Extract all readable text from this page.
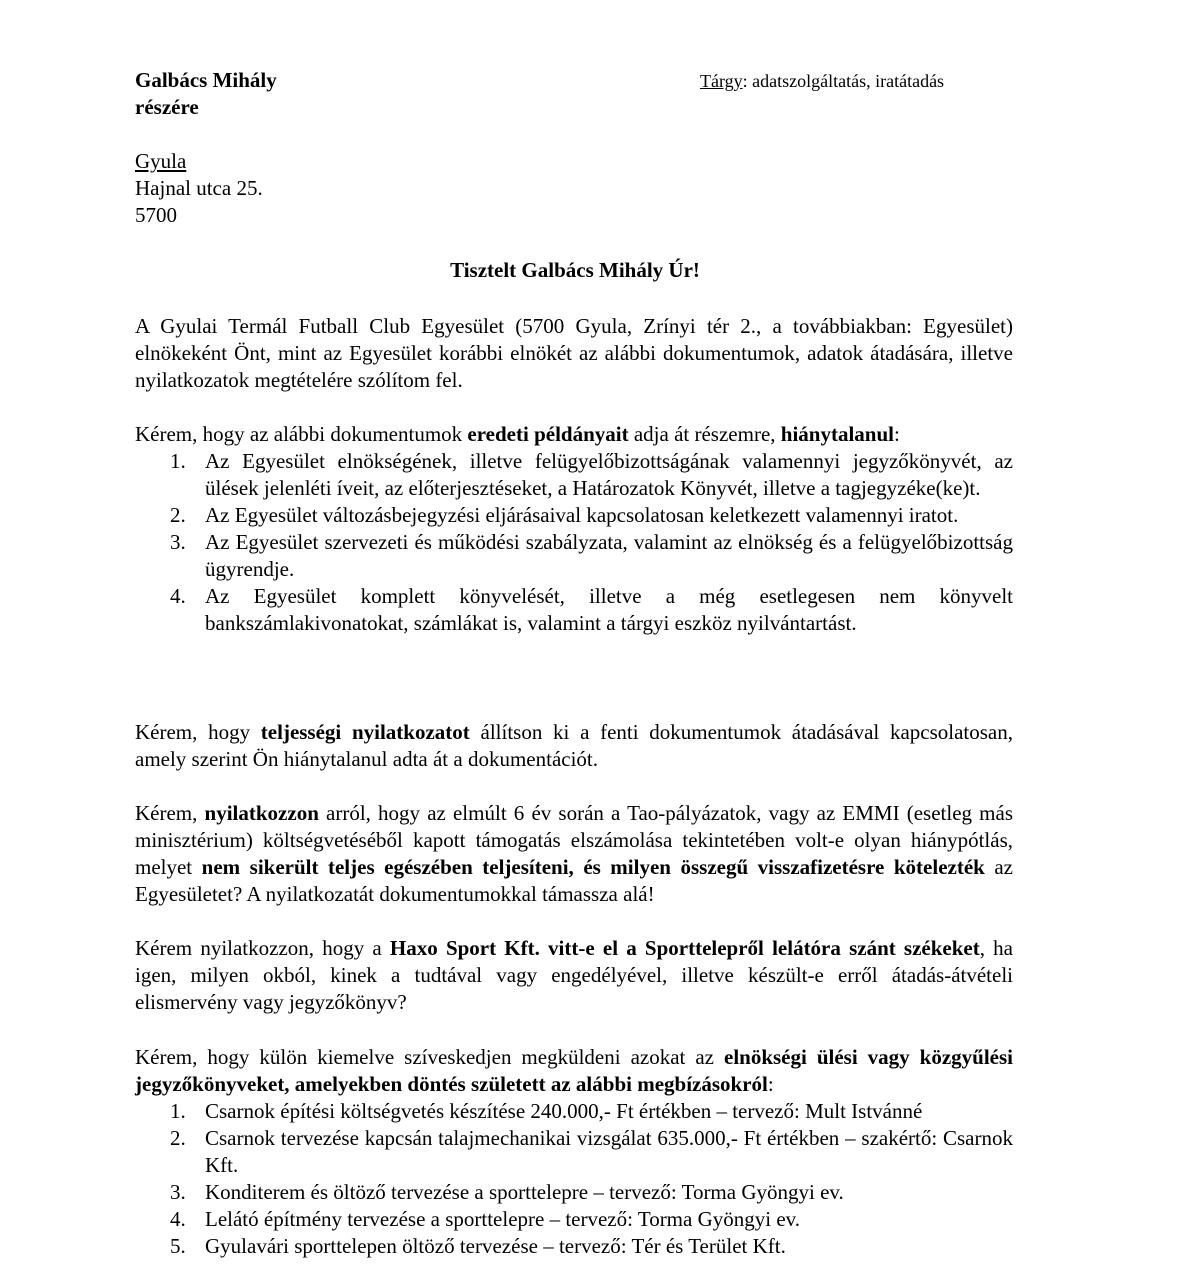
Galbács Mihály
részére
Tárgy: adatszolgáltatás, iratátadás
Gyula
Hajnal utca 25.
5700
Tisztelt Galbács Mihály Úr!

A Gyulai Termál Futball Club Egyesület (5700 Gyula, Zrínyi tér 2., a továbbiakban: Egyesület) elnökeként Önt, mint az Egyesület korábbi elnökét az alábbi dokumentumok, adatok átadására, illetve nyilatkozatok megtételére szólítom fel.

Kérem, hogy az alábbi dokumentumok eredeti példányait adja át részemre, hiánytalanul:

1. Az Egyesület elnökségének, illetve felügyelőbizottságának valamennyi jegyzőkönyvét, az ülések jelenléti íveit, az előterjesztéseket, a Határozatok Könyvét, illetve a tagjegyzéke(ke)t.
2. Az Egyesület változásbejegyzési eljárásaival kapcsolatosan keletkezett valamennyi iratot.
3. Az Egyesület szervezeti és működési szabályzata, valamint az elnökség és a felügyelőbizottság ügyrendje.
4. Az Egyesület komplett könyvelését, illetve a még esetlegesen nem könyvelt bankszámlakivonatokat, számlákat is, valamint a tárgyi eszköz nyilvántartást.

Kérem, hogy teljességi nyilatkozatot állítson ki a fenti dokumentumok átadásával kapcsolatosan, amely szerint Ön hiánytalanul adta át a dokumentációt.

Kérem, nyilatkozzon arról, hogy az elmúlt 6 év során a Tao-pályázatok, vagy az EMMI (esetleg más minisztérium) költségvetéséből kapott támogatás elszámolása tekintetében volt-e olyan hiánypótlás, melyet nem sikerült teljes egészében teljesíteni, és milyen összegű visszafizetésre kötelezték az Egyesületet? A nyilatkozatát dokumentumokkal támassza alá!

Kérem nyilatkozzon, hogy a Haxo Sport Kft. vitt-e el a Sporttelepről lelátóra szánt székeket, ha igen, milyen okból, kinek a tudtával vagy engedélyével, illetve készült-e erről átadás-átvételi elismervény vagy jegyzőkönyv?

Kérem, hogy külön kiemelve szíveskedjen megküldeni azokat az elnökségi ülési vagy közgyűlési jegyzőkönyveket, amelyekben döntés született az alábbi megbízásokról:

1. Csarnok építési költségvetés készítése 240.000,- Ft értékben – tervező: Mult Istvánné
2. Csarnok tervezése kapcsán talajmechanikai vizsgálat 635.000,- Ft értékben – szakértő: Csarnok Kft.
3. Konditerem és öltöző tervezése a sporttelepre – tervező: Torma Gyöngyi ev.
4. Lelátó építmény tervezése a sporttelepre – tervező: Torma Gyöngyi ev.
5. Gyulavári sporttelepen öltöző tervezése – tervező: Tér és Terület Kft.
